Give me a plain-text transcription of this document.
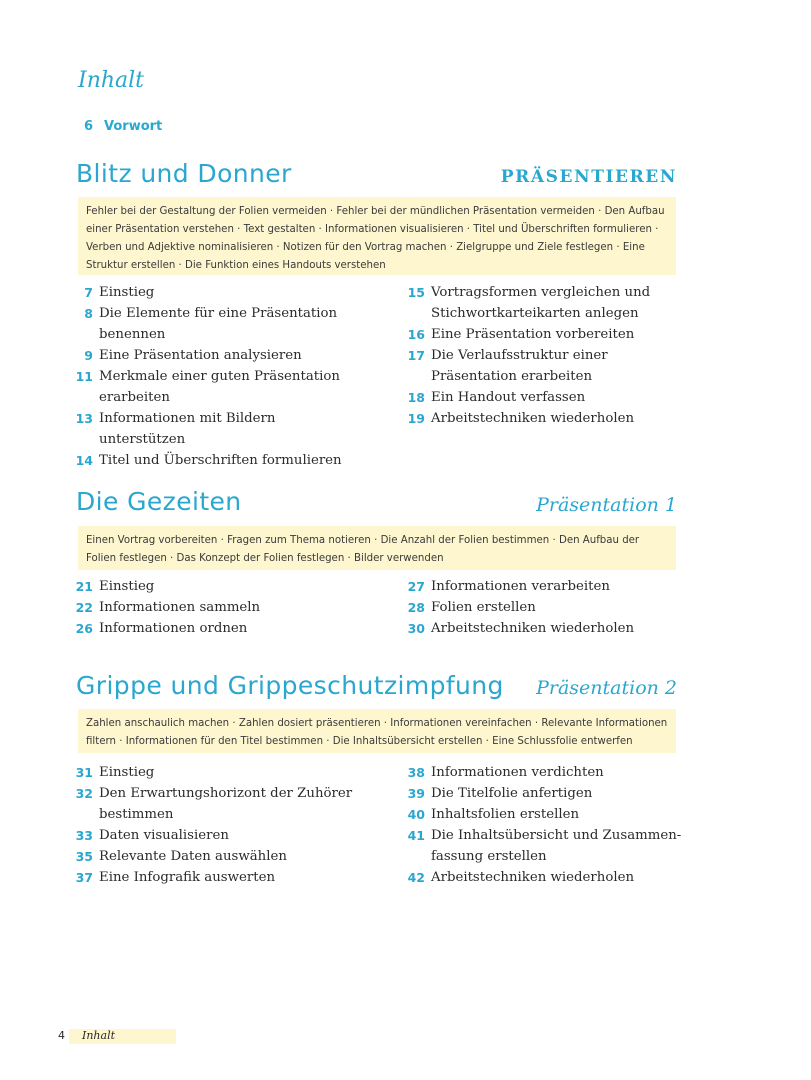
Inhalt
6 Vorwort
Blitz und Donner	PRÄSENTIEREN
Fehler bei der Gestaltung der Folien vermeiden · Fehler bei der mündlichen Präsentation vermeiden · Den Aufbau einer Präsentation verstehen · Text gestalten · Informationen visualisieren · Titel und Überschriften formulieren · Verben und Adjektive nominalisieren · Notizen für den Vortrag machen · Zielgruppe und Ziele festlegen · Eine Struktur erstellen · Die Funktion eines Handouts verstehen
7 Einstieg
8 Die Elemente für eine Präsentation benennen
9 Eine Präsentation analysieren
11 Merkmale einer guten Präsentation erarbeiten
13 Informationen mit Bildern unterstützen
14 Titel und Überschriften formulieren
15 Vortragsformen vergleichen und Stichwortkarteikarten anlegen
16 Eine Präsentation vorbereiten
17 Die Verlaufsstruktur einer Präsentation erarbeiten
18 Ein Handout verfassen
19 Arbeitstechniken wiederholen
Die Gezeiten	Präsentation 1
Einen Vortrag vorbereiten · Fragen zum Thema notieren · Die Anzahl der Folien bestimmen · Den Aufbau der Folien festlegen · Das Konzept der Folien festlegen · Bilder verwenden
21 Einstieg
22 Informationen sammeln
26 Informationen ordnen
27 Informationen verarbeiten
28 Folien erstellen
30 Arbeitstechniken wiederholen
Grippe und Grippeschutzimpfung Präsentation 2
Zahlen anschaulich machen · Zahlen dosiert präsentieren · Informationen vereinfachen · Relevante Informationen filtern · Informationen für den Titel bestimmen · Die Inhaltsübersicht erstellen · Eine Schlussfolie entwerfen
31 Einstieg
32 Den Erwartungshorizont der Zuhörer bestimmen
33 Daten visualisieren
35 Relevante Daten auswählen
37 Eine Infografik auswerten
38 Informationen verdichten
39 Die Titelfolie anfertigen
40 Inhaltsfolien erstellen
41 Die Inhaltsübersicht und Zusammen-fassung erstellen
42 Arbeitstechniken wiederholen
4 Inhalt
